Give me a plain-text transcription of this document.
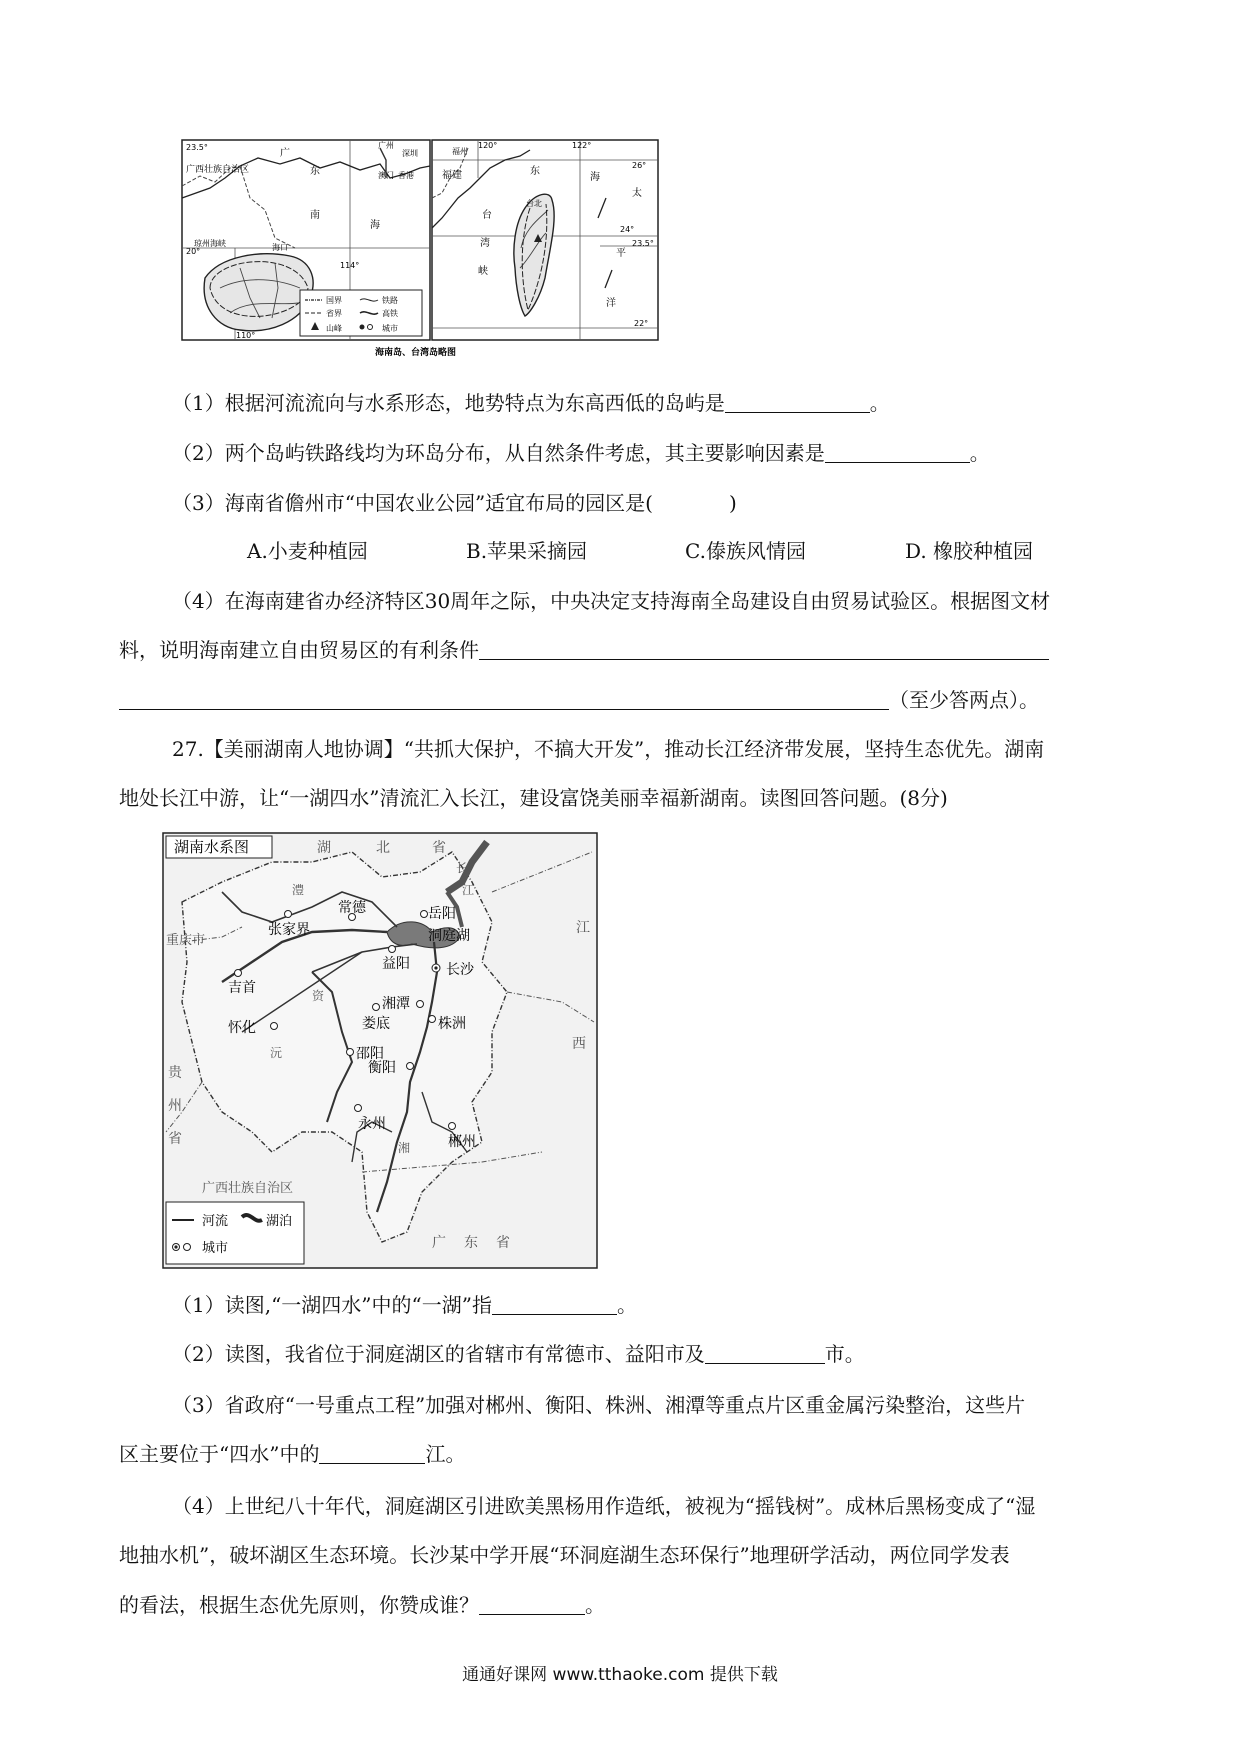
23.5°
广西壮族自治区
广
东
广州
深圳
澳门 香港
南
海
20°
琼州海峡	海口
114°
110°
国界	铁路
省界	高铁
山峰	城市
120°	122°
福州
福建	东
海
26°
台
湾
峡
台北
太
平
洋
24°
23.5°
22°
海南岛、台湾岛略图
（1）根据河流流向与水系形态，地势特点为东高西低的岛屿是	。
（2）两个岛屿铁路线均为环岛分布，从自然条件考虑，其主要影响因素是	。
（3）海南省儋州市“中国农业公园”适宜布局的园区是(	)
A.小麦种植园	B.苹果采摘园	C.傣族风情园	D. 橡胶种植园
（4）在海南建省办经济特区30周年之际，中央决定支持海南全岛建设自由贸易试验区。根据图文材
料，说明海南建立自由贸易区的有利条件
（至少答两点）。
27.【美丽湖南人地协调】“共抓大保护，不搞大开发”，推动长江经济带发展，坚持生态优先。湖南
地处长江中游，让“一湖四水”清流汇入长江，建设富饶美丽幸福新湖南。读图回答问题。(8分)
湖南水系图	湖	北	省
重庆市
贵
州
省
江
西
广西壮族自治区
广 东 省
张家界
常德	岳阳
洞庭湖
益阳	长沙
吉首
湘潭
娄底	株洲
怀化
邵阳
衡阳
永州
郴州
澧
沅
资
湘
长
江
河流	湖泊
城市
（1）读图,“一湖四水”中的“一湖”指	。
（2）读图，我省位于洞庭湖区的省辖市有常德市、益阳市及	市。
（3）省政府“一号重点工程”加强对郴州、衡阳、株洲、湘潭等重点片区重金属污染整治，这些片
区主要位于“四水”中的	江。
（4）上世纪八十年代，洞庭湖区引进欧美黑杨用作造纸，被视为“摇钱树”。成林后黑杨变成了“湿
地抽水机”，破坏湖区生态环境。长沙某中学开展“环洞庭湖生态环保行”地理研学活动，两位同学发表
的看法，根据生态优先原则，你赞成谁？	。
通通好课网 www.tthaoke.com 提供下载
